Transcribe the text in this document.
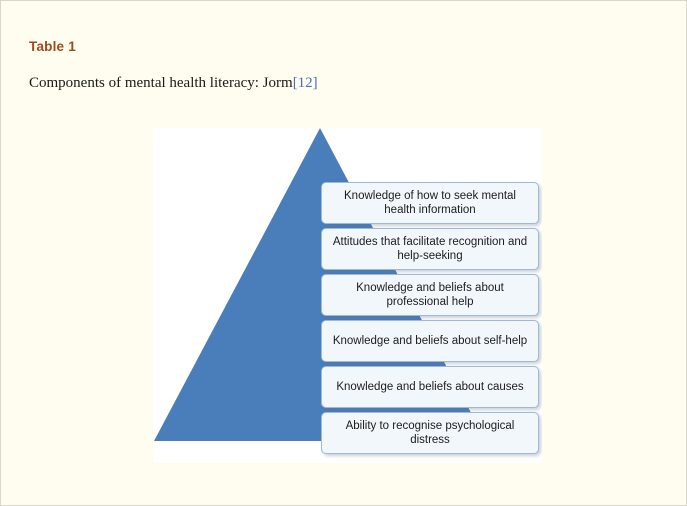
Table 1
Components of mental health literacy: Jorm[12]
Knowledge of how to seek mental health information
Attitudes that facilitate recognition and help-seeking
Knowledge and beliefs about professional help
Knowledge and beliefs about self-help
Knowledge and beliefs about causes
Ability to recognise psychological distress
